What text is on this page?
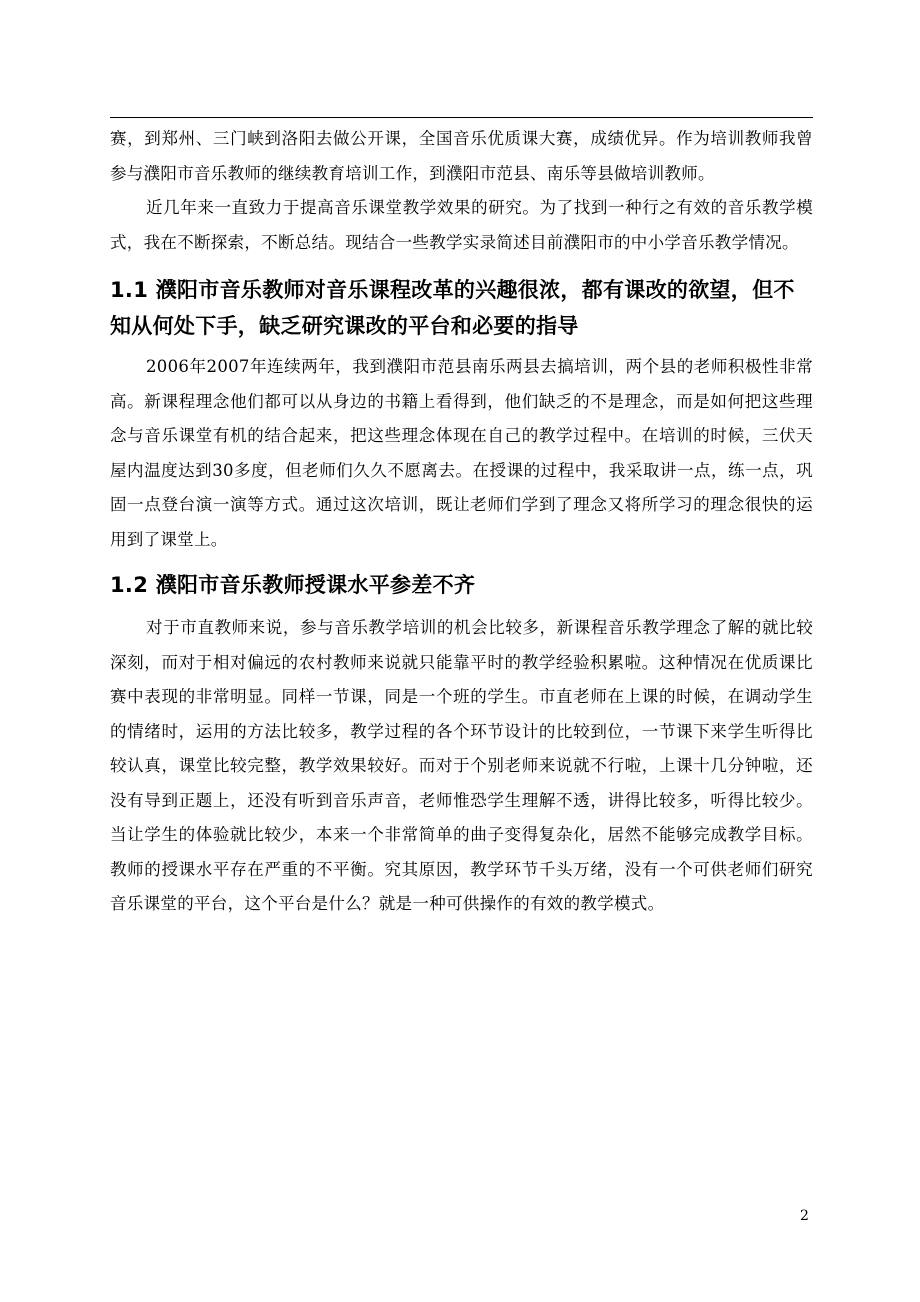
赛，到郑州、三门峡到洛阳去做公开课，全国音乐优质课大赛，成绩优异。作为培训教师我曾参与濮阳市音乐教师的继续教育培训工作，到濮阳市范县、南乐等县做培训教师。

近几年来一直致力于提高音乐课堂教学效果的研究。为了找到一种行之有效的音乐教学模式，我在不断探索，不断总结。现结合一些教学实录简述目前濮阳市的中小学音乐教学情况。

1.1 濮阳市音乐教师对音乐课程改革的兴趣很浓，都有课改的欲望，但不知从何处下手，缺乏研究课改的平台和必要的指导

2006年2007年连续两年，我到濮阳市范县南乐两县去搞培训，两个县的老师积极性非常高。新课程理念他们都可以从身边的书籍上看得到，他们缺乏的不是理念，而是如何把这些理念与音乐课堂有机的结合起来，把这些理念体现在自己的教学过程中。在培训的时候，三伏天屋内温度达到30多度，但老师们久久不愿离去。在授课的过程中，我采取讲一点，练一点，巩固一点登台演一演等方式。通过这次培训，既让老师们学到了理念又将所学习的理念很快的运用到了课堂上。

1.2 濮阳市音乐教师授课水平参差不齐

对于市直教师来说，参与音乐教学培训的机会比较多，新课程音乐教学理念了解的就比较深刻，而对于相对偏远的农村教师来说就只能靠平时的教学经验积累啦。这种情况在优质课比赛中表现的非常明显。同样一节课，同是一个班的学生。市直老师在上课的时候，在调动学生的情绪时，运用的方法比较多，教学过程的各个环节设计的比较到位，一节课下来学生听得比较认真，课堂比较完整，教学效果较好。而对于个别老师来说就不行啦，上课十几分钟啦，还没有导到正题上，还没有听到音乐声音，老师惟恐学生理解不透，讲得比较多，听得比较少。当让学生的体验就比较少，本来一个非常简单的曲子变得复杂化，居然不能够完成教学目标。教师的授课水平存在严重的不平衡。究其原因，教学环节千头万绪，没有一个可供老师们研究音乐课堂的平台，这个平台是什么？就是一种可供操作的有效的教学模式。

2
